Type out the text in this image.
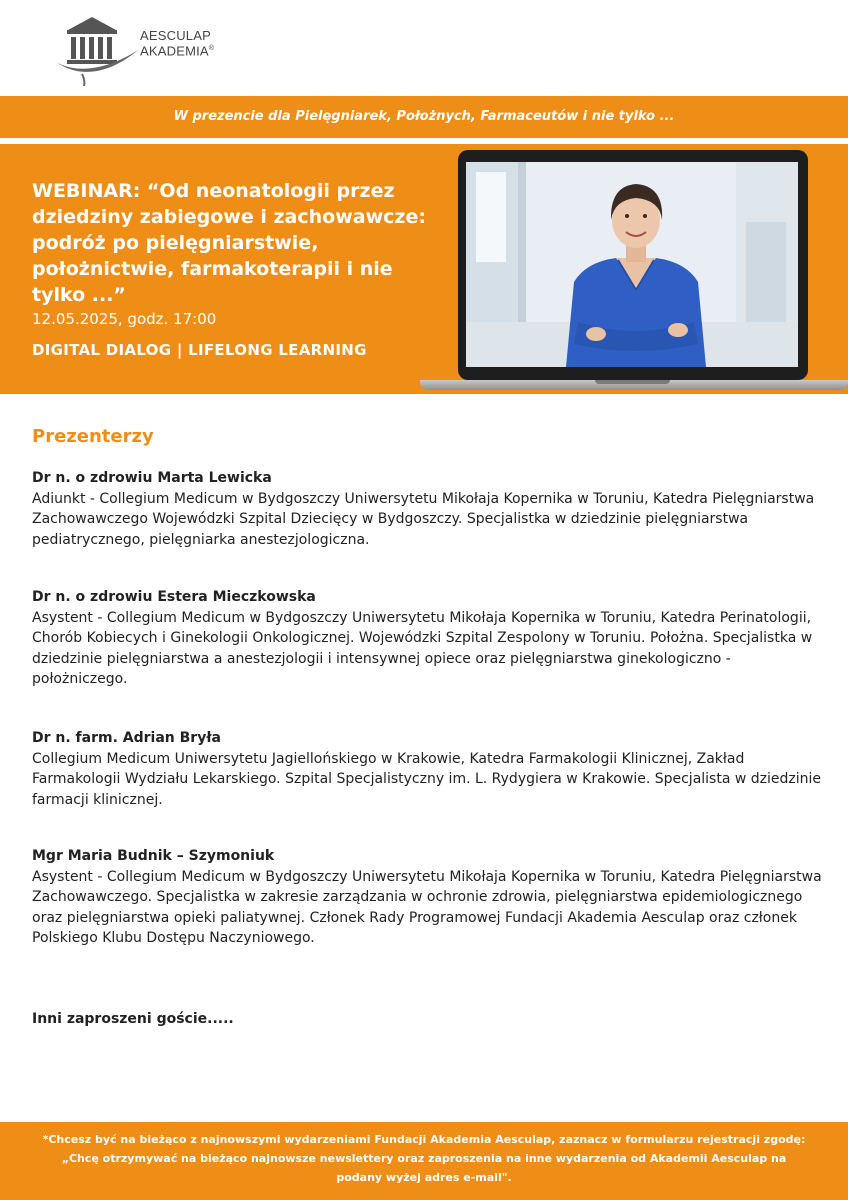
AESCULAP
AKADEMIA®
W prezencie dla Pielęgniarek, Położnych, Farmaceutów i nie tylko ...
WEBINAR: “Od neonatologii przez dziedziny zabiegowe i zachowawcze: podróż po pielęgniarstwie, położnictwie, farmakoterapii i nie tylko ...”
12.05.2025, godz. 17:00
DIGITAL DIALOG | LIFELONG LEARNING
Prezenterzy
Dr n. o zdrowiu Marta Lewicka
Adiunkt - Collegium Medicum w Bydgoszczy Uniwersytetu Mikołaja Kopernika w Toruniu, Katedra Pielęgniarstwa Zachowawczego Wojewódzki Szpital Dziecięcy w Bydgoszczy. Specjalistka w dziedzinie pielęgniarstwa pediatrycznego, pielęgniarka anestezjologiczna.
Dr n. o zdrowiu Estera Mieczkowska
Asystent - Collegium Medicum w Bydgoszczy Uniwersytetu Mikołaja Kopernika w Toruniu, Katedra Perinatologii, Chorób Kobiecych i Ginekologii Onkologicznej. Wojewódzki Szpital Zespolony w Toruniu. Położna. Specjalistka w dziedzinie pielęgniarstwa a anestezjologii i intensywnej opiece oraz pielęgniarstwa ginekologiczno - położniczego.
Dr n. farm. Adrian Bryła
Collegium Medicum Uniwersytetu Jagiellońskiego w Krakowie, Katedra Farmakologii Klinicznej, Zakład Farmakologii Wydziału Lekarskiego. Szpital Specjalistyczny im. L. Rydygiera w Krakowie. Specjalista w dziedzinie farmacji klinicznej.
Mgr Maria Budnik – Szymoniuk
Asystent - Collegium Medicum w Bydgoszczy Uniwersytetu Mikołaja Kopernika w Toruniu, Katedra Pielęgniarstwa Zachowawczego. Specjalistka w zakresie zarządzania w ochronie zdrowia, pielęgniarstwa epidemiologicznego oraz pielęgniarstwa opieki paliatywnej. Członek Rady Programowej Fundacji Akademia Aesculap oraz członek Polskiego Klubu Dostępu Naczyniowego.
Inni zaproszeni goście.....
*Chcesz być na bieżąco z najnowszymi wydarzeniami Fundacji Akademia Aesculap, zaznacz w formularzu rejestracji zgodę: „Chcę otrzymywać na bieżąco najnowsze newslettery oraz zaproszenia na inne wydarzenia od Akademii Aesculap na podany wyżej adres e-mail".
